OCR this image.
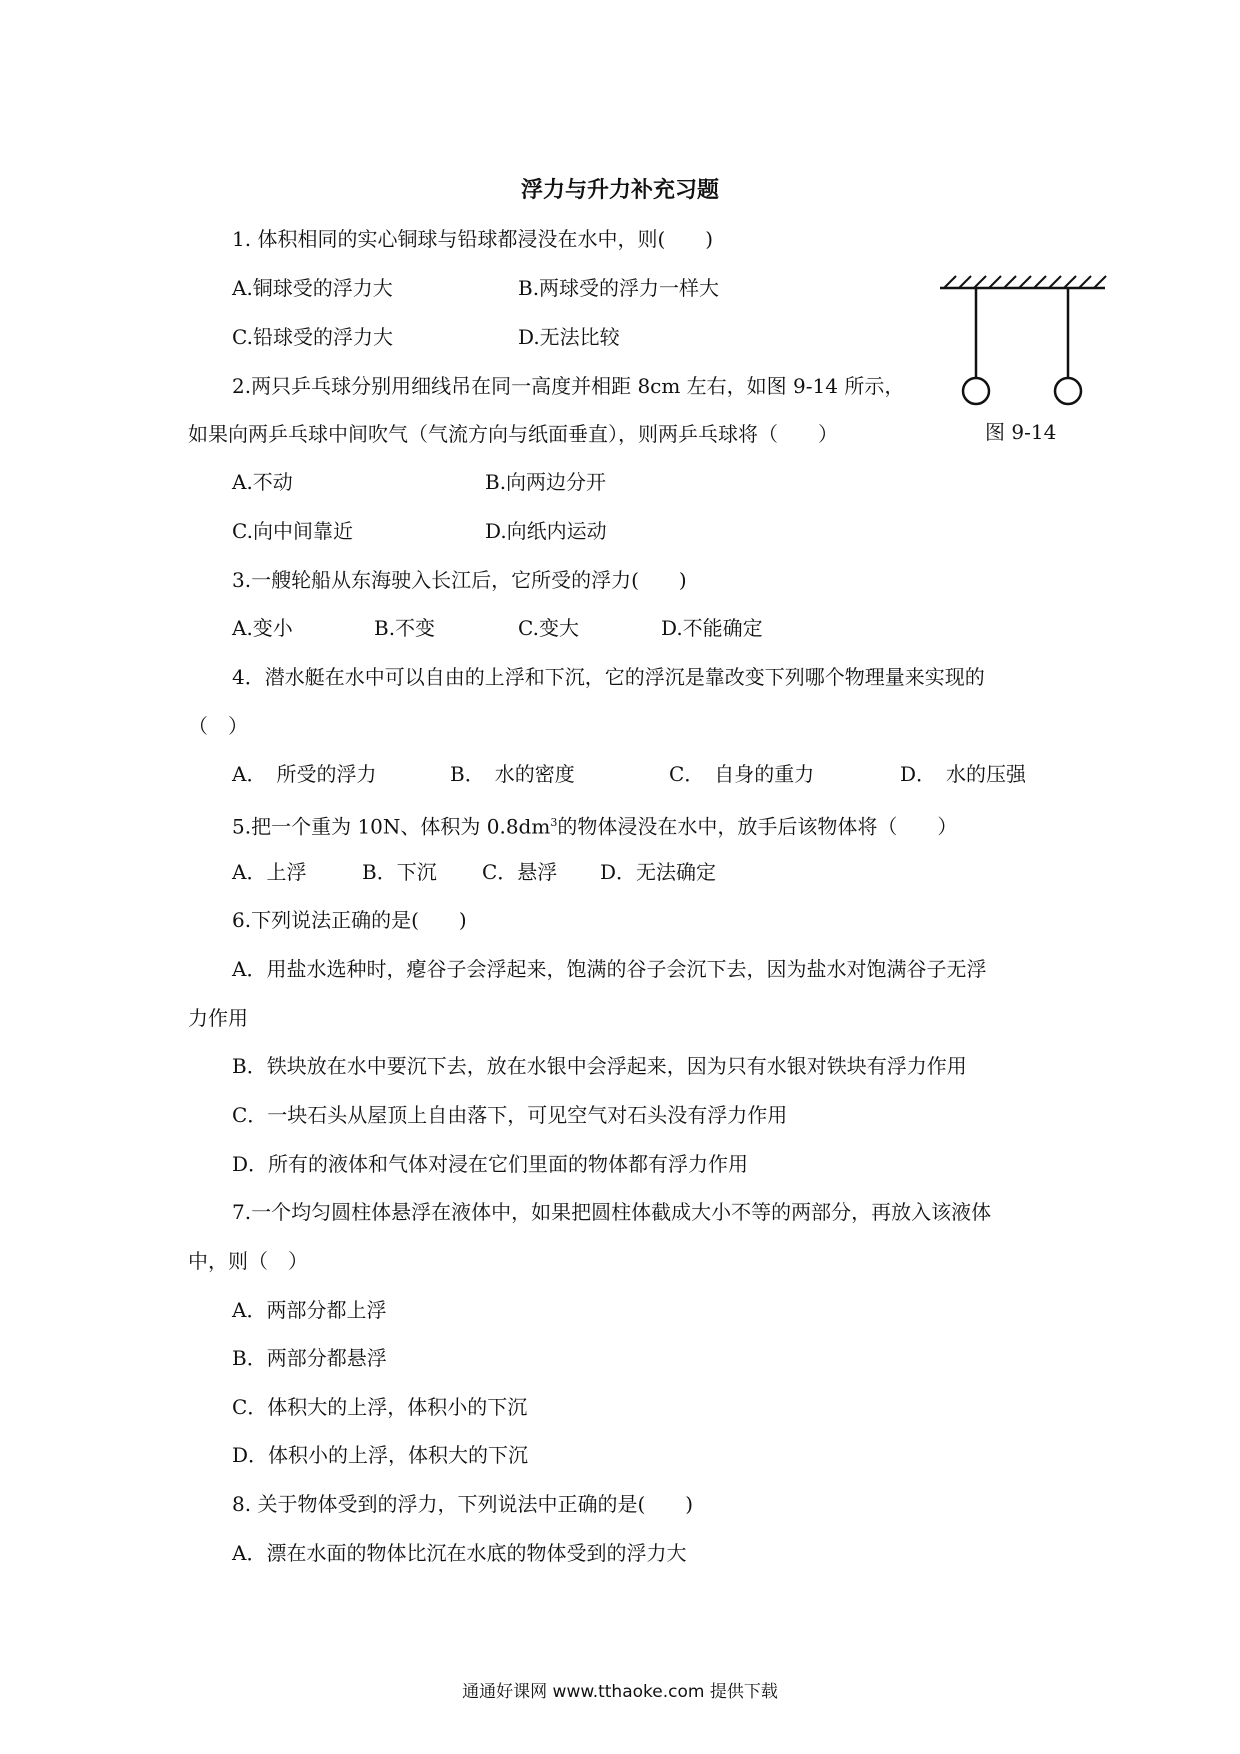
浮力与升力补充习题
1. 体积相同的实心铜球与铅球都浸没在水中，则(　　)
A.铜球受的浮力大	B.两球受的浮力一样大
C.铅球受的浮力大	D.无法比较
图 9-14
2.两只乒乓球分别用细线吊在同一高度并相距 8cm 左右，如图 9-14 所示，
如果向两乒乓球中间吹气（气流方向与纸面垂直），则两乒乓球将（　　）
A.不动	B.向两边分开
C.向中间靠近	D.向纸内运动
3.一艘轮船从东海驶入长江后，它所受的浮力(　　)
A.变小	B.不变	C.变大	D.不能确定
4．潜水艇在水中可以自由的上浮和下沉，它的浮沉是靠改变下列哪个物理量来实现的
（　）
A．　所受的浮力	B．　水的密度	C．　自身的重力	D．　水的压强
5.把一个重为 10N、体积为 $0.8dm^3$的物体浸没在水中，放手后该物体将（　　）
A．上浮	B．下沉 C．悬浮 D．无法确定
6.下列说法正确的是(　　)
A．用盐水选种时，瘪谷子会浮起来，饱满的谷子会沉下去，因为盐水对饱满谷子无浮
力作用
B．铁块放在水中要沉下去，放在水银中会浮起来，因为只有水银对铁块有浮力作用
C．一块石头从屋顶上自由落下，可见空气对石头没有浮力作用
D．所有的液体和气体对浸在它们里面的物体都有浮力作用
7.一个均匀圆柱体悬浮在液体中，如果把圆柱体截成大小不等的两部分，再放入该液体
中，则（　）
A．两部分都上浮
B．两部分都悬浮
C．体积大的上浮，体积小的下沉
D．体积小的上浮，体积大的下沉
8. 关于物体受到的浮力，下列说法中正确的是(　　)
A．漂在水面的物体比沉在水底的物体受到的浮力大
通通好课网 www.tthaoke.com 提供下载
